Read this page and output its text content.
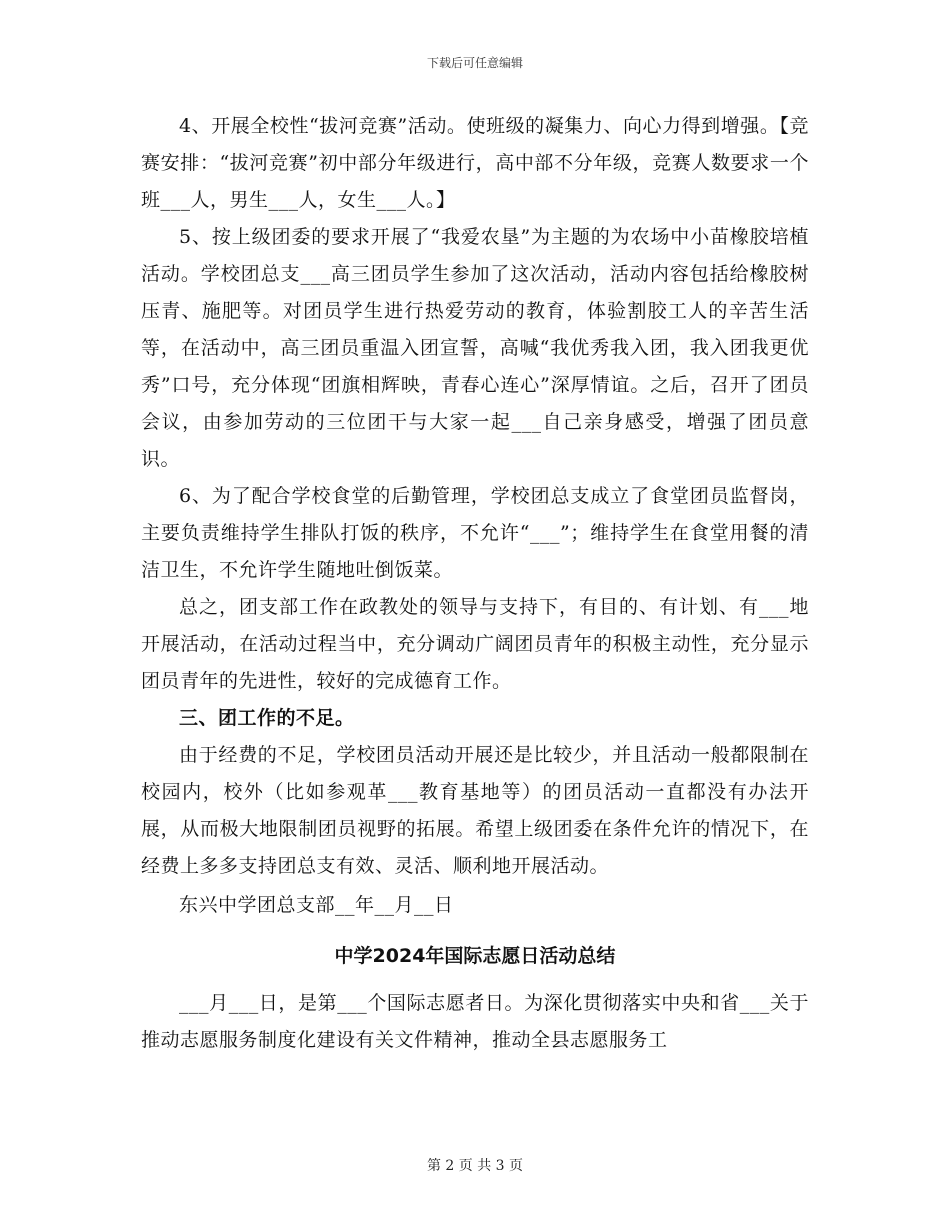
下载后可任意编辑

4、开展全校性“拔河竞赛”活动。使班级的凝集力、向心力得到增强。【竞赛安排：“拔河竞赛”初中部分年级进行，高中部不分年级，竞赛人数要求一个班___人，男生___人，女生___人。】

5、按上级团委的要求开展了“我爱农垦”为主题的为农场中小苗橡胶培植活动。学校团总支___高三团员学生参加了这次活动，活动内容包括给橡胶树压青、施肥等。对团员学生进行热爱劳动的教育，体验割胶工人的辛苦生活等，在活动中，高三团员重温入团宣誓，高喊“我优秀我入团，我入团我更优秀”口号，充分体现“团旗相辉映，青春心连心”深厚情谊。之后，召开了团员会议，由参加劳动的三位团干与大家一起___自己亲身感受，增强了团员意识。

6、为了配合学校食堂的后勤管理，学校团总支成立了食堂团员监督岗，主要负责维持学生排队打饭的秩序，不允许“___”；维持学生在食堂用餐的清洁卫生，不允许学生随地吐倒饭菜。

总之，团支部工作在政教处的领导与支持下，有目的、有计划、有___地开展活动，在活动过程当中，充分调动广阔团员青年的积极主动性，充分显示团员青年的先进性，较好的完成德育工作。

三、团工作的不足。

由于经费的不足，学校团员活动开展还是比较少，并且活动一般都限制在校园内，校外（比如参观革___教育基地等）的团员活动一直都没有办法开展，从而极大地限制团员视野的拓展。希望上级团委在条件允许的情况下，在经费上多多支持团总支有效、灵活、顺利地开展活动。

东兴中学团总支部__年__月__日

中学2024年国际志愿日活动总结

___月___日，是第___个国际志愿者日。为深化贯彻落实中央和省___关于推动志愿服务制度化建设有关文件精神，推动全县志愿服务工

第 2 页 共 3 页
